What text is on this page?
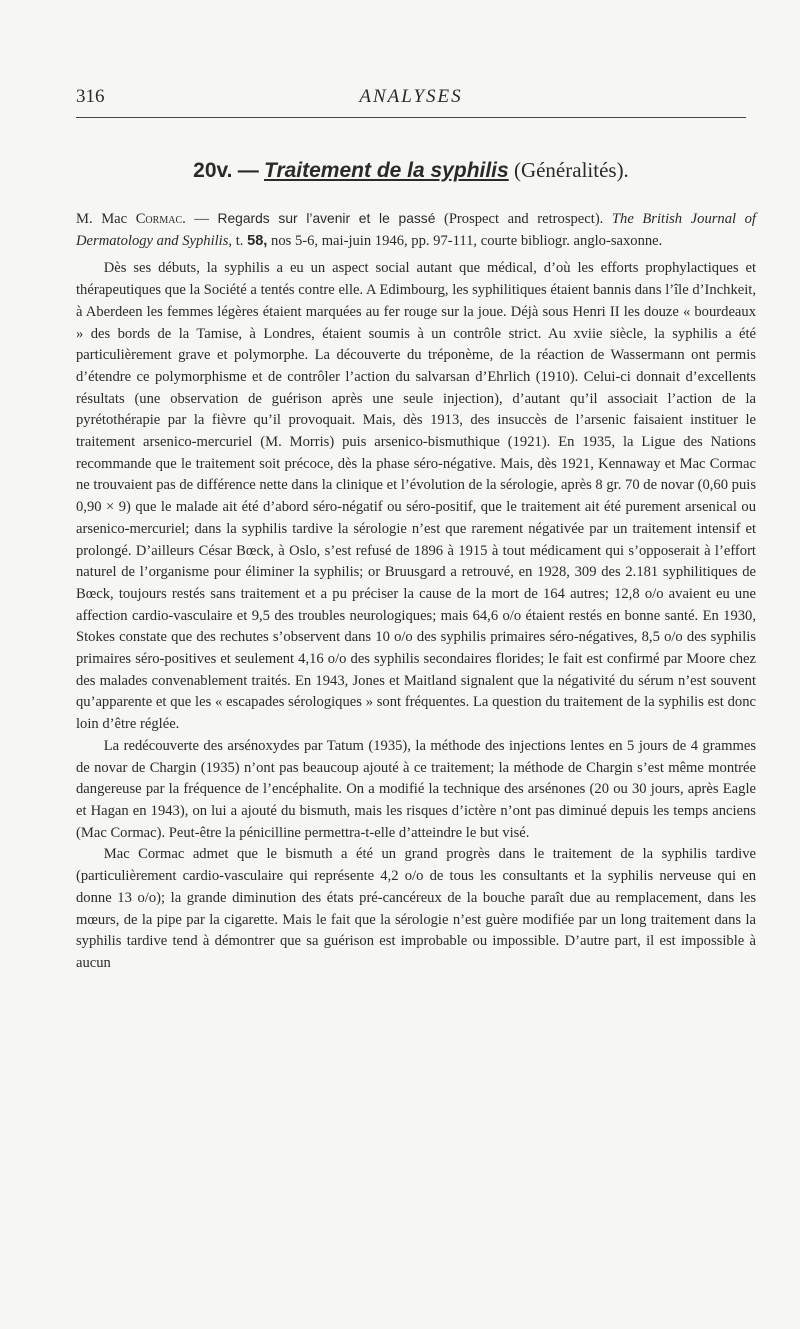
316	ANALYSES
20v. — Traitement de la syphilis (Généralités).

M. Mac Cormac. — Regards sur l’avenir et le passé (Prospect and retrospect). The British Journal of Dermatology and Syphilis, t. 58, nos 5-6, mai-juin 1946, pp. 97-111, courte bibliogr. anglo-saxonne.

Dès ses débuts, la syphilis a eu un aspect social autant que médical, d’où les efforts prophylactiques et thérapeutiques que la Société a tentés contre elle. A Edimbourg, les syphilitiques étaient bannis dans l’île d’Inchkeit, à Aberdeen les femmes légères étaient marquées au fer rouge sur la joue. Déjà sous Henri II les douze « bourdeaux » des bords de la Tamise, à Londres, étaient soumis à un contrôle strict. Au xviie siècle, la syphilis a été particulièrement grave et polymorphe. La découverte du tréponème, de la réaction de Wassermann ont permis d’étendre ce polymorphisme et de contrôler l’action du salvarsan d’Ehrlich (1910). Celui-ci donnait d’excellents résultats (une observation de guérison après une seule injection), d’autant qu’il associait l’action de la pyrétothérapie par la fièvre qu’il provoquait. Mais, dès 1913, des insuccès de l’arsenic faisaient instituer le traitement arsenico-mercuriel (M. Morris) puis arsenico-bismuthique (1921). En 1935, la Ligue des Nations recommande que le traitement soit précoce, dès la phase séro-négative. Mais, dès 1921, Kennaway et Mac Cormac ne trouvaient pas de différence nette dans la clinique et l’évolution de la sérologie, après 8 gr. 70 de novar (0,60 puis 0,90 × 9) que le malade ait été d’abord séro-négatif ou séro-positif, que le traitement ait été purement arsenical ou arsenico-mercuriel; dans la syphilis tardive la sérologie n’est que rarement négativée par un traitement intensif et prolongé. D’ailleurs César Bœck, à Oslo, s’est refusé de 1896 à 1915 à tout médicament qui s’opposerait à l’effort naturel de l’organisme pour éliminer la syphilis; or Bruusgard a retrouvé, en 1928, 309 des 2.181 syphilitiques de Bœck, toujours restés sans traitement et a pu préciser la cause de la mort de 164 autres; 12,8 o/o avaient eu une affection cardio-vasculaire et 9,5 des troubles neurologiques; mais 64,6 o/o étaient restés en bonne santé. En 1930, Stokes constate que des rechutes s’observent dans 10 o/o des syphilis primaires séro-négatives, 8,5 o/o des syphilis primaires séro-positives et seulement 4,16 o/o des syphilis secondaires florides; le fait est confirmé par Moore chez des malades convenablement traités. En 1943, Jones et Maitland signalent que la négativité du sérum n’est souvent qu’apparente et que les « escapades sérologiques » sont fréquentes. La question du traitement de la syphilis est donc loin d’être réglée.

La redécouverte des arsénoxydes par Tatum (1935), la méthode des injections lentes en 5 jours de 4 grammes de novar de Chargin (1935) n’ont pas beaucoup ajouté à ce traitement; la méthode de Chargin s’est même montrée dangereuse par la fréquence de l’encéphalite. On a modifié la technique des arsénones (20 ou 30 jours, après Eagle et Hagan en 1943), on lui a ajouté du bismuth, mais les risques d’ictère n’ont pas diminué depuis les temps anciens (Mac Cormac). Peut-être la pénicilline permettra-t-elle d’atteindre le but visé.

Mac Cormac admet que le bismuth a été un grand progrès dans le traitement de la syphilis tardive (particulièrement cardio-vasculaire qui représente 4,2 o/o de tous les consultants et la syphilis nerveuse qui en donne 13 o/o); la grande diminution des états pré-cancéreux de la bouche paraît due au remplacement, dans les mœurs, de la pipe par la cigarette. Mais le fait que la sérologie n’est guère modifiée par un long traitement dans la syphilis tardive tend à démontrer que sa guérison est improbable ou impossible. D’autre part, il est impossible à aucun
